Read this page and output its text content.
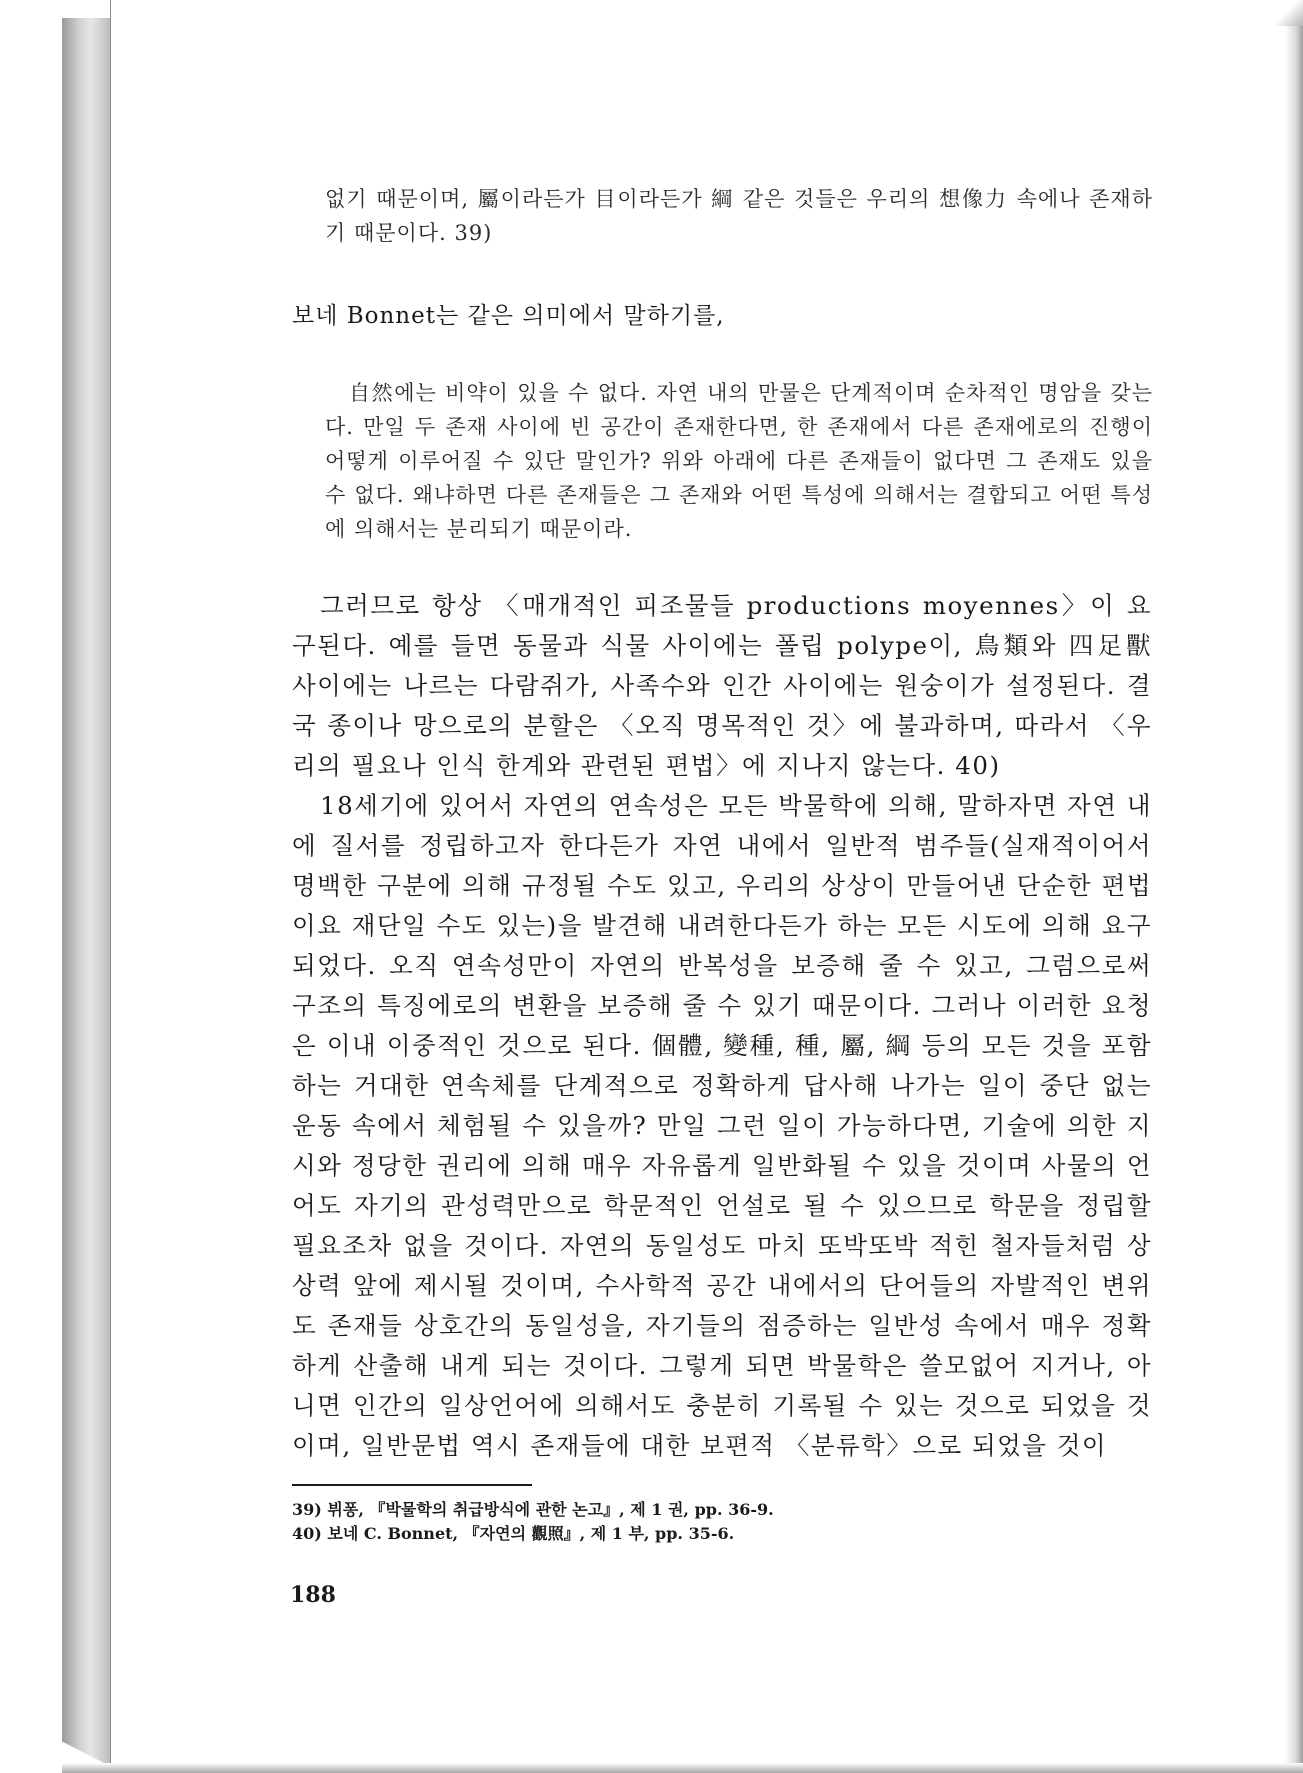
없기 때문이며, 屬이라든가 目이라든가 綱 같은 것들은 우리의 想像力 속에나 존재하기 때문이다. 39)
보네 Bonnet는 같은 의미에서 말하기를,
自然에는 비약이 있을 수 없다. 자연 내의 만물은 단계적이며 순차적인 명암을 갖는다. 만일 두 존재 사이에 빈 공간이 존재한다면, 한 존재에서 다른 존재에로의 진행이 어떻게 이루어질 수 있단 말인가? 위와 아래에 다른 존재들이 없다면 그 존재도 있을 수 없다. 왜냐하면 다른 존재들은 그 존재와 어떤 특성에 의해서는 결합되고 어떤 특성에 의해서는 분리되기 때문이라.

그러므로 항상 〈매개적인 피조물들 productions moyennes〉이 요구된다. 예를 들면 동물과 식물 사이에는 폴립 polype이, 鳥類와 四足獸 사이에는 나르는 다람쥐가, 사족수와 인간 사이에는 원숭이가 설정된다. 결국 종이나 망으로의 분할은 〈오직 명목적인 것〉에 불과하며, 따라서 〈우리의 필요나 인식 한계와 관련된 편법〉에 지나지 않는다. 40)

18세기에 있어서 자연의 연속성은 모든 박물학에 의해, 말하자면 자연 내에 질서를 정립하고자 한다든가 자연 내에서 일반적 범주들(실재적이어서 명백한 구분에 의해 규정될 수도 있고, 우리의 상상이 만들어낸 단순한 편법이요 재단일 수도 있는)을 발견해 내려한다든가 하는 모든 시도에 의해 요구되었다. 오직 연속성만이 자연의 반복성을 보증해 줄 수 있고, 그럼으로써 구조의 특징에로의 변환을 보증해 줄 수 있기 때문이다. 그러나 이러한 요청은 이내 이중적인 것으로 된다. 個體, 變種, 種, 屬, 綱 등의 모든 것을 포함하는 거대한 연속체를 단계적으로 정확하게 답사해 나가는 일이 중단 없는 운동 속에서 체험될 수 있을까? 만일 그런 일이 가능하다면, 기술에 의한 지시와 정당한 권리에 의해 매우 자유롭게 일반화될 수 있을 것이며 사물의 언어도 자기의 관성력만으로 학문적인 언설로 될 수 있으므로 학문을 정립할 필요조차 없을 것이다. 자연의 동일성도 마치 또박또박 적힌 철자들처럼 상상력 앞에 제시될 것이며, 수사학적 공간 내에서의 단어들의 자발적인 변위도 존재들 상호간의 동일성을, 자기들의 점증하는 일반성 속에서 매우 정확하게 산출해 내게 되는 것이다. 그렇게 되면 박물학은 쓸모없어 지거나, 아니면 인간의 일상언어에 의해서도 충분히 기록될 수 있는 것으로 되었을 것이며, 일반문법 역시 존재들에 대한 보편적 〈분류학〉으로 되었을 것이

39) 뷔퐁, 『박물학의 취급방식에 관한 논고』, 제 1 권, pp. 36-9.
40) 보네 C. Bonnet, 『자연의 觀照』, 제 1 부, pp. 35-6.
188
